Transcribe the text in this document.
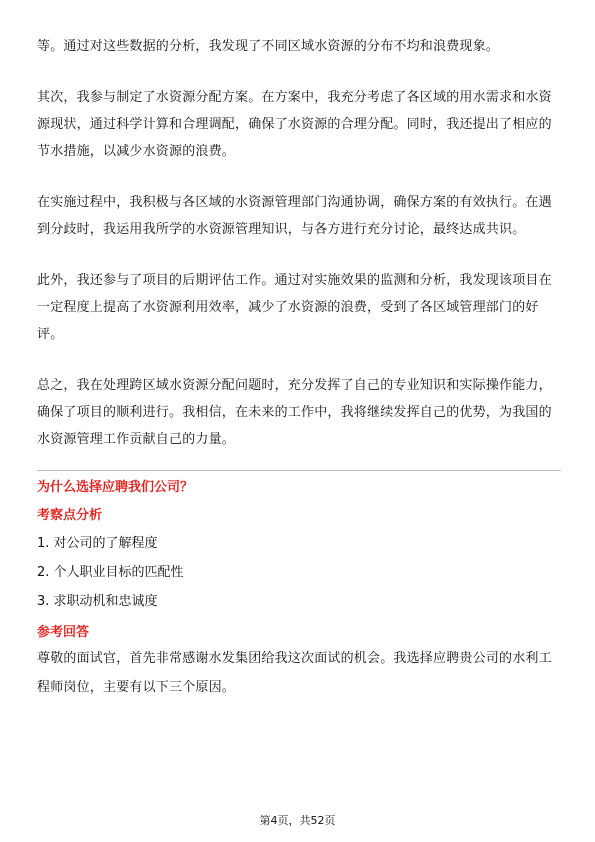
等。通过对这些数据的分析，我发现了不同区域水资源的分布不均和浪费现象。

其次，我参与制定了水资源分配方案。在方案中，我充分考虑了各区域的用水需求和水资源现状，通过科学计算和合理调配，确保了水资源的合理分配。同时，我还提出了相应的节水措施，以减少水资源的浪费。

在实施过程中，我积极与各区域的水资源管理部门沟通协调，确保方案的有效执行。在遇到分歧时，我运用我所学的水资源管理知识，与各方进行充分讨论，最终达成共识。

此外，我还参与了项目的后期评估工作。通过对实施效果的监测和分析，我发现该项目在一定程度上提高了水资源利用效率，减少了水资源的浪费，受到了各区域管理部门的好评。

总之，我在处理跨区域水资源分配问题时，充分发挥了自己的专业知识和实际操作能力，确保了项目的顺利进行。我相信，在未来的工作中，我将继续发挥自己的优势，为我国的水资源管理工作贡献自己的力量。

为什么选择应聘我们公司？
考察点分析
1. 对公司的了解程度
2. 个人职业目标的匹配性
3. 求职动机和忠诚度
参考回答

尊敬的面试官，首先非常感谢水发集团给我这次面试的机会。我选择应聘贵公司的水利工程师岗位，主要有以下三个原因。

第4页，共52页
